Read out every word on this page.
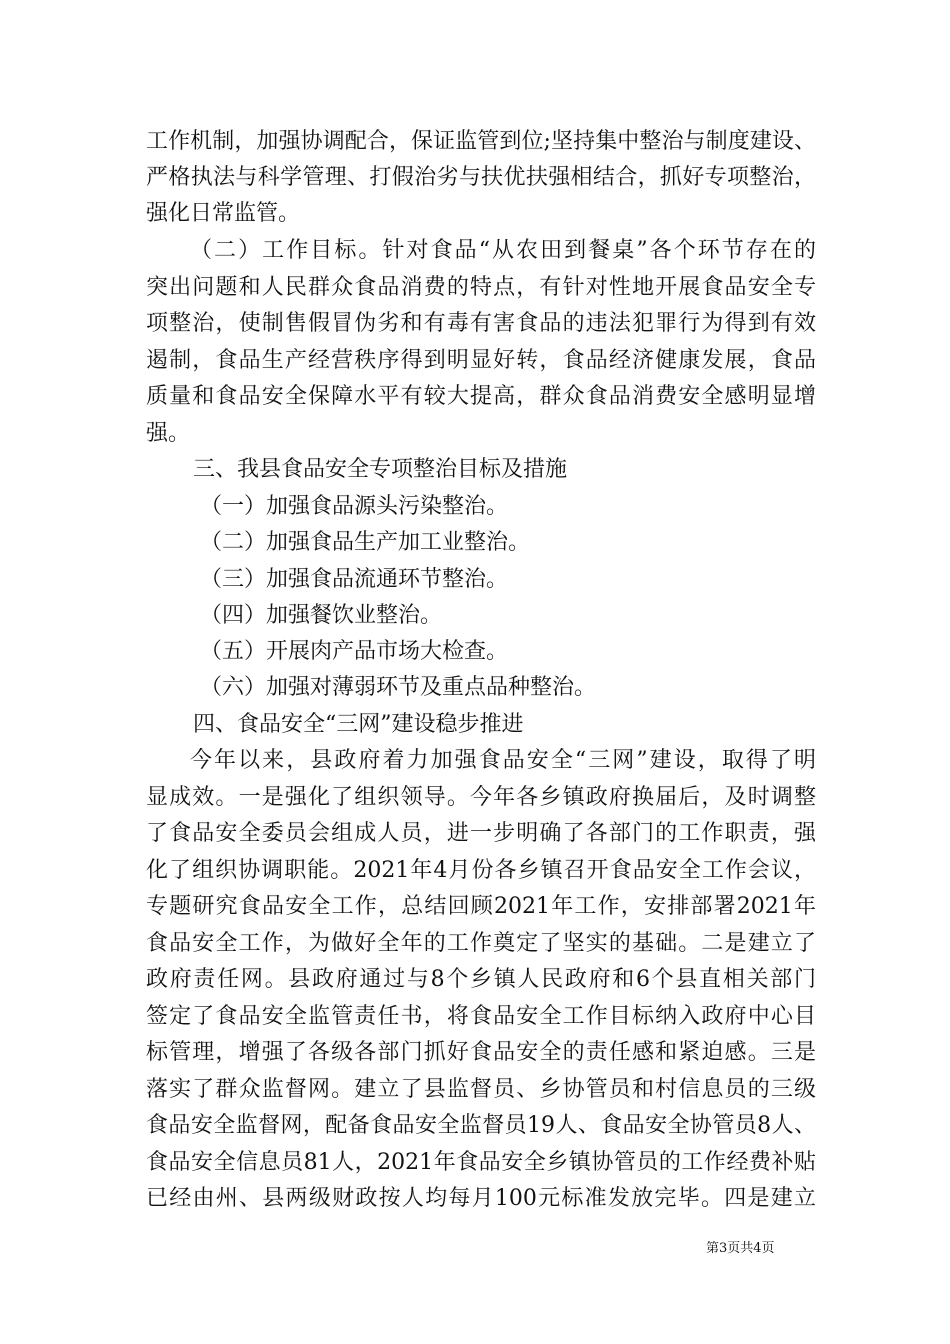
工作机制，加强协调配合，保证监管到位;坚持集中整治与制度建设、
严格执法与科学管理、打假治劣与扶优扶强相结合，抓好专项整治，
强化日常监管。
（二）工作目标。针对食品“从农田到餐桌”各个环节存在的
突出问题和人民群众食品消费的特点，有针对性地开展食品安全专
项整治，使制售假冒伪劣和有毒有害食品的违法犯罪行为得到有效
遏制，食品生产经营秩序得到明显好转，食品经济健康发展，食品
质量和食品安全保障水平有较大提高，群众食品消费安全感明显增
强。
三、我县食品安全专项整治目标及措施
（一）加强食品源头污染整治。
（二）加强食品生产加工业整治。
（三）加强食品流通环节整治。
（四）加强餐饮业整治。
（五）开展肉产品市场大检查。
（六）加强对薄弱环节及重点品种整治。
四、食品安全“三网”建设稳步推进
今年以来，县政府着力加强食品安全“三网”建设，取得了明
显成效。一是强化了组织领导。今年各乡镇政府换届后，及时调整
了食品安全委员会组成人员，进一步明确了各部门的工作职责，强
化了组织协调职能。2021年4月份各乡镇召开食品安全工作会议，
专题研究食品安全工作，总结回顾2021年工作，安排部署2021年
食品安全工作，为做好全年的工作奠定了坚实的基础。二是建立了
政府责任网。县政府通过与8个乡镇人民政府和6个县直相关部门
签定了食品安全监管责任书，将食品安全工作目标纳入政府中心目
标管理，增强了各级各部门抓好食品安全的责任感和紧迫感。三是
落实了群众监督网。建立了县监督员、乡协管员和村信息员的三级
食品安全监督网，配备食品安全监督员19人、食品安全协管员8人、
食品安全信息员81人，2021年食品安全乡镇协管员的工作经费补贴
已经由州、县两级财政按人均每月100元标准发放完毕。四是建立
第3页共4页
